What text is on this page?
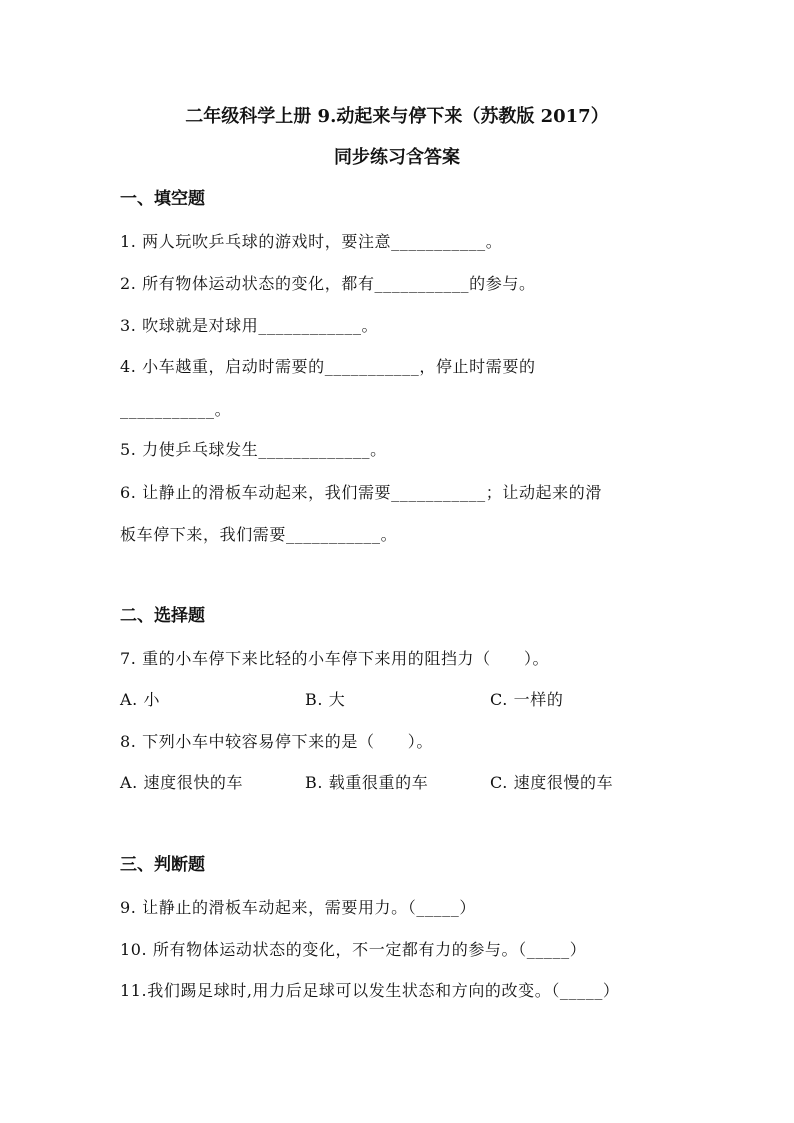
二年级科学上册 9.动起来与停下来（苏教版 2017）
同步练习含答案
一、填空题
1. 两人玩吹乒乓球的游戏时，要注意___________。
2. 所有物体运动状态的变化，都有___________的参与。
3. 吹球就是对球用____________。
4. 小车越重，启动时需要的___________，停止时需要的
___________。
5. 力使乒乓球发生_____________。
6. 让静止的滑板车动起来，我们需要___________；让动起来的滑
板车停下来，我们需要___________。
二、选择题
7. 重的小车停下来比轻的小车停下来用的阻挡力（　　）。
A. 小	B. 大	C. 一样的
8. 下列小车中较容易停下来的是（　　）。
A. 速度很快的车	B. 载重很重的车	C. 速度很慢的车
三、判断题
9. 让静止的滑板车动起来，需要用力。（_____）
10. 所有物体运动状态的变化，不一定都有力的参与。（_____）
11.我们踢足球时,用力后足球可以发生状态和方向的改变。（_____）
